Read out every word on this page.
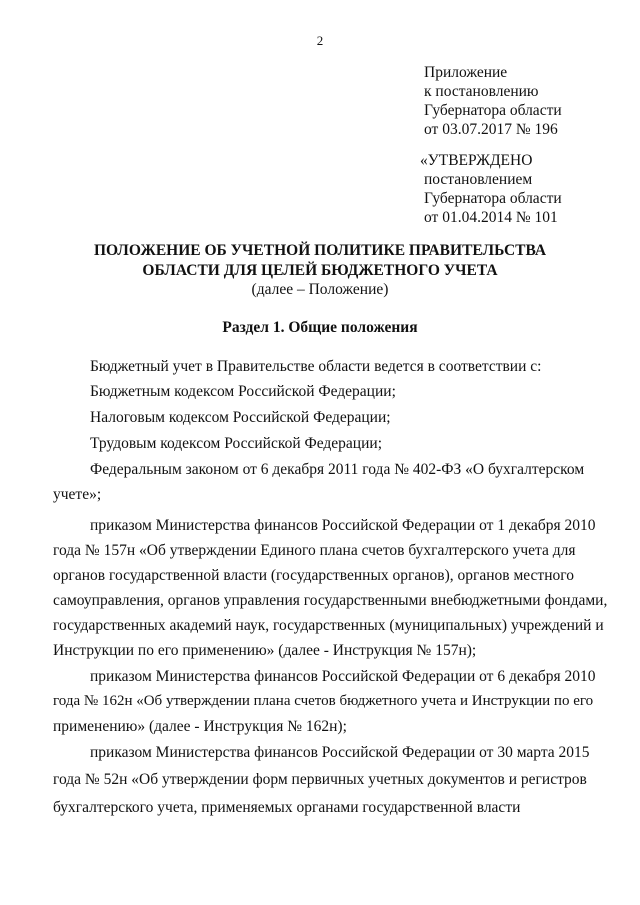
2
Приложение
к постановлению
Губернатора области
от 03.07.2017 № 196
«УТВЕРЖДЕНО
постановлением
Губернатора области
от 01.04.2014 № 101
ПОЛОЖЕНИЕ ОБ УЧЕТНОЙ ПОЛИТИКЕ ПРАВИТЕЛЬСТВА
ОБЛАСТИ ДЛЯ ЦЕЛЕЙ БЮДЖЕТНОГО УЧЕТА
(далее – Положение)
Раздел 1. Общие положения
Бюджетный учет в Правительстве области ведется в соответствии с:
Бюджетным кодексом Российской Федерации;
Налоговым кодексом Российской Федерации;
Трудовым кодексом Российской Федерации;
Федеральным законом от 6 декабря 2011 года № 402-ФЗ «О бухгалтерском
учете»;
приказом Министерства финансов Российской Федерации от 1 декабря 2010
года № 157н «Об утверждении Единого плана счетов бухгалтерского учета для
органов государственной власти (государственных органов), органов местного
самоуправления, органов управления государственными внебюджетными фондами,
государственных академий наук, государственных (муниципальных) учреждений и
Инструкции по его применению» (далее - Инструкция № 157н);
приказом Министерства финансов Российской Федерации от 6 декабря 2010
года № 162н «Об утверждении плана счетов бюджетного учета и Инструкции по его
применению» (далее - Инструкция № 162н);
приказом Министерства финансов Российской Федерации от 30 марта 2015
года № 52н «Об утверждении форм первичных учетных документов и регистров
бухгалтерского учета, применяемых органами государственной власти
